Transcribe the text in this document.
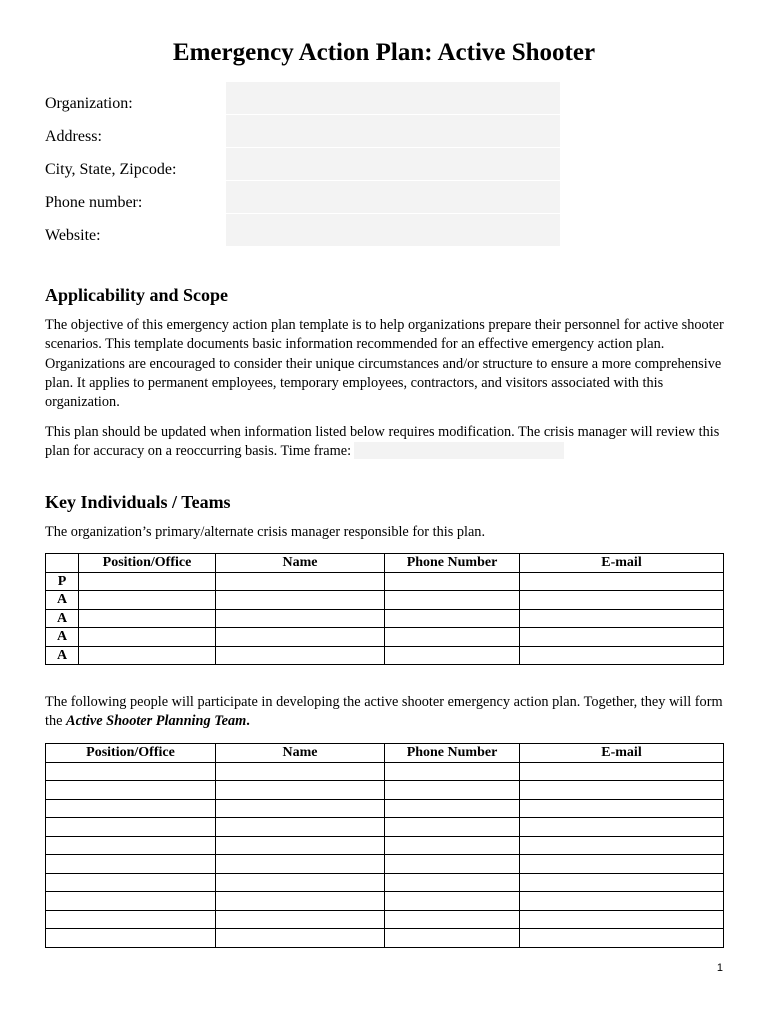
Emergency Action Plan: Active Shooter
Organization:
Address:
City, State, Zipcode:
Phone number:
Website:
Applicability and Scope

The objective of this emergency action plan template is to help organizations prepare their personnel for active shooter scenarios. This template documents basic information recommended for an effective emergency action plan. Organizations are encouraged to consider their unique circumstances and/or structure to ensure a more comprehensive plan. It applies to permanent employees, temporary employees, contractors, and visitors associated with this organization.

This plan should be updated when information listed below requires modification. The crisis manager will review this plan for accuracy on a reoccurring basis. Time frame:

Key Individuals / Teams

The organization’s primary/alternate crisis manager responsible for this plan.

	Position/Office	Name	Phone Number	E-mail
P				
A				
A				
A				
A				

The following people will participate in developing the active shooter emergency action plan. Together, they will form the Active Shooter Planning Team.

Position/Office	Name	Phone Number	E-mail

1
